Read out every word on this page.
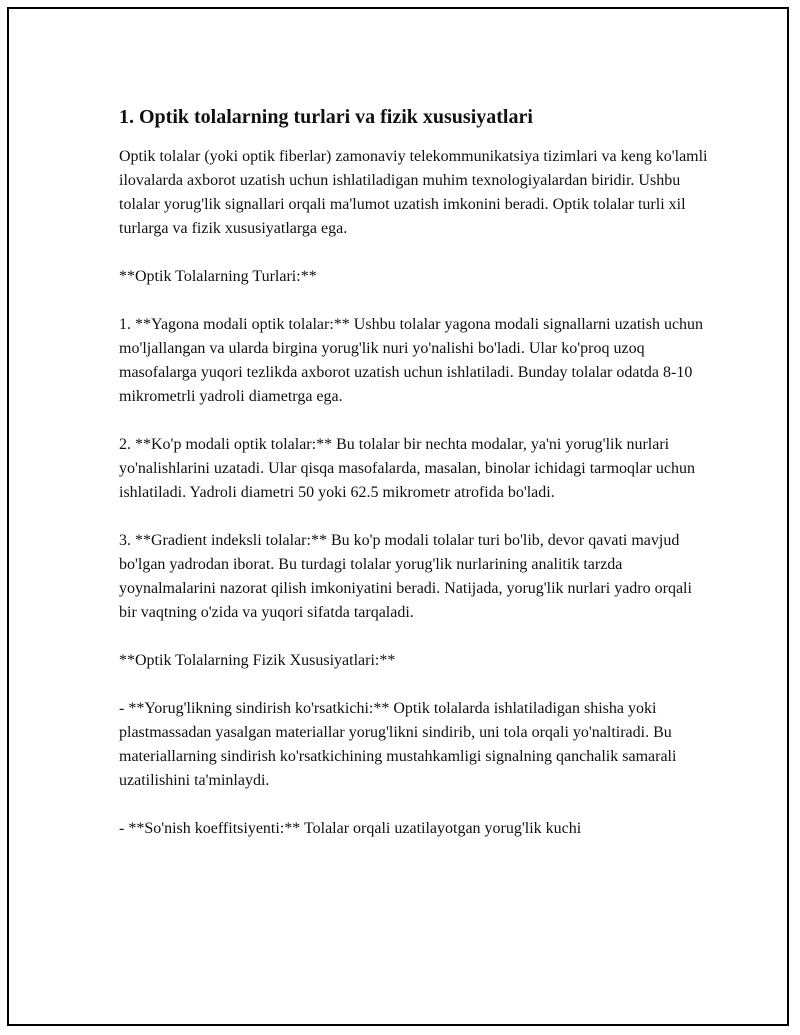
1. Optik tolalarning turlari va fizik xususiyatlari

Optik tolalar (yoki optik fiberlar) zamonaviy telekommunikatsiya tizimlari va keng ko'lamli ilovalarda axborot uzatish uchun ishlatiladigan muhim texnologiyalardan biridir. Ushbu tolalar yorug'lik signallari orqali ma'lumot uzatish imkonini beradi. Optik tolalar turli xil turlarga va fizik xususiyatlarga ega.

**Optik Tolalarning Turlari:**

1. **Yagona modali optik tolalar:** Ushbu tolalar yagona modali signallarni uzatish uchun mo'ljallangan va ularda birgina yorug'lik nuri yo'nalishi bo'ladi. Ular ko'proq uzoq masofalarga yuqori tezlikda axborot uzatish uchun ishlatiladi. Bunday tolalar odatda 8-10 mikrometrli yadroli diametrga ega.

2. **Ko'p modali optik tolalar:** Bu tolalar bir nechta modalar, ya'ni yorug'lik nurlari yo'nalishlarini uzatadi. Ular qisqa masofalarda, masalan, binolar ichidagi tarmoqlar uchun ishlatiladi. Yadroli diametri 50 yoki 62.5 mikrometr atrofida bo'ladi.

3. **Gradient indeksli tolalar:** Bu ko'p modali tolalar turi bo'lib, devor qavati mavjud bo'lgan yadrodan iborat. Bu turdagi tolalar yorug'lik nurlarining analitik tarzda yoynalmalarini nazorat qilish imkoniyatini beradi. Natijada, yorug'lik nurlari yadro orqali bir vaqtning o'zida va yuqori sifatda tarqaladi.

**Optik Tolalarning Fizik Xususiyatlari:**

- **Yorug'likning sindirish ko'rsatkichi:** Optik tolalarda ishlatiladigan shisha yoki plastmassadan yasalgan materiallar yorug'likni sindirib, uni tola orqali yo'naltiradi. Bu materiallarning sindirish ko'rsatkichining mustahkamligi signalning qanchalik samarali uzatilishini ta'minlaydi.

- **So'nish koeffitsiyenti:** Tolalar orqali uzatilayotgan yorug'lik kuchi
